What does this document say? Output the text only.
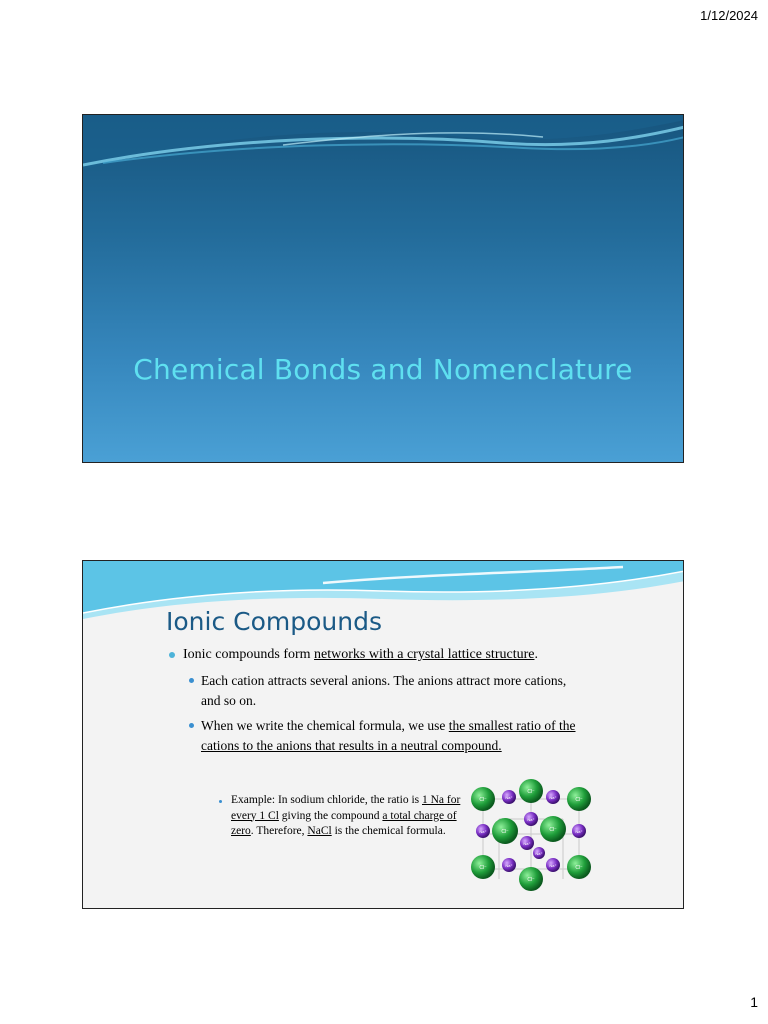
1/12/2024
Chemical Bonds and Nomenclature
Ionic Compounds
Ionic compounds form networks with a crystal lattice structure.
Each cation attracts several anions. The anions attract more cations, and so on.
When we write the chemical formula, we use the smallest ratio of the cations to the anions that results in a neutral compound.
Example: In sodium chloride, the ratio is 1 Na for every 1 Cl giving the compound a total charge of zero. Therefore, NaCl is the chemical formula.
Cl⁻	Na⁺
Cl⁻
Na⁺	Cl⁻
Na⁺	Cl⁻
Na⁺
Cl⁻	Na⁺
Cl⁻	Na⁺
Cl⁻
Na⁺	Cl⁻
Na⁺
Na⁺
1
